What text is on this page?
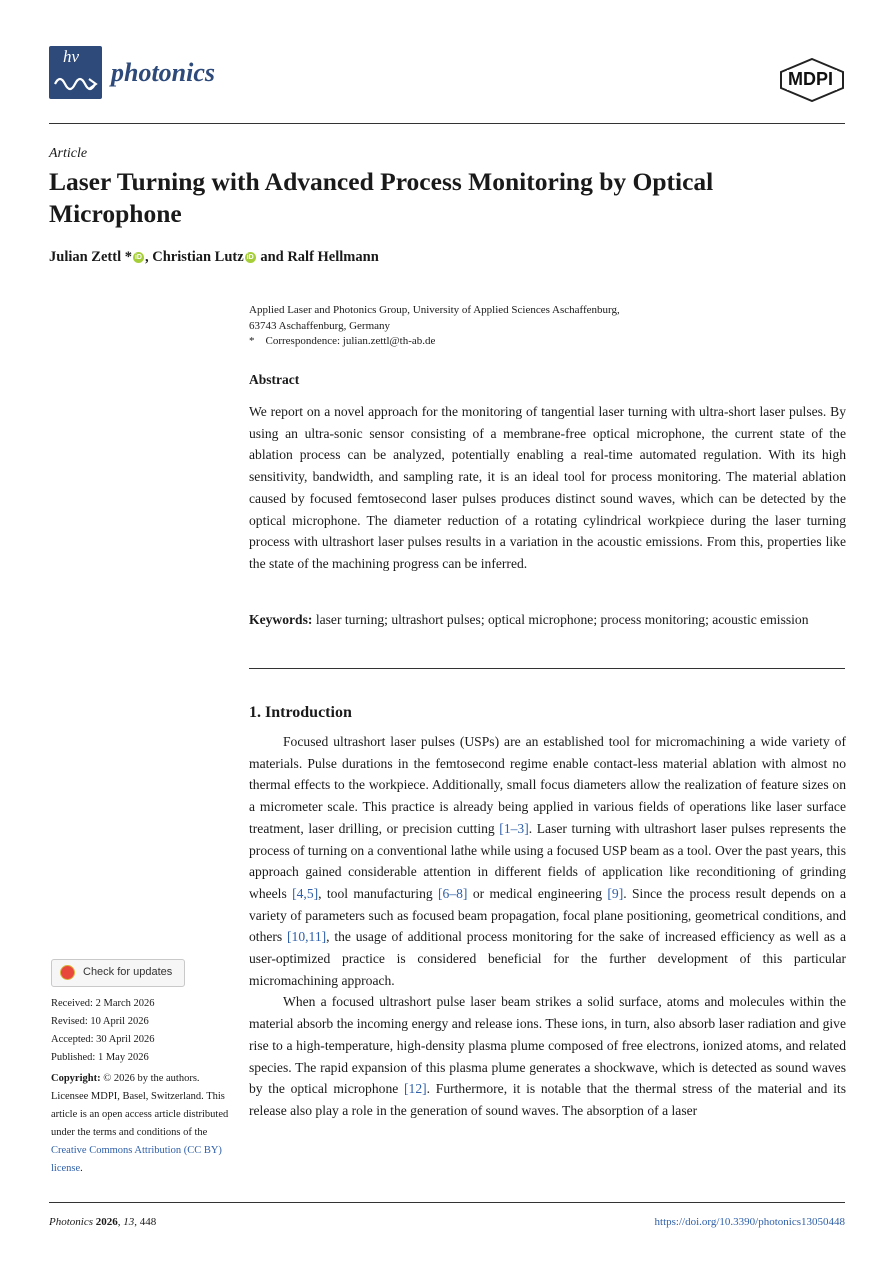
hv
photonics	MDPI
Article
Laser Turning with Advanced Process Monitoring by Optical Microphone
Julian Zettl * iD , Christian Lutz iD and Ralf Hellmann
Applied Laser and Photonics Group, University of Applied Sciences Aschaffenburg,
63743 Aschaffenburg, Germany
* Correspondence: julian.zettl@th-ab.de
Abstract
We report on a novel approach for the monitoring of tangential laser turning with ultra-short laser pulses. By using an ultra-sonic sensor consisting of a membrane-free optical microphone, the current state of the ablation process can be analyzed, potentially enabling a real-time automated regulation. With its high sensitivity, bandwidth, and sampling rate, it is an ideal tool for process monitoring. The material ablation caused by focused femtosecond laser pulses produces distinct sound waves, which can be detected by the optical microphone. The diameter reduction of a rotating cylindrical workpiece during the laser turning process with ultrashort laser pulses results in a variation in the acoustic emissions. From this, properties like the state of the machining progress can be inferred.
Keywords: laser turning; ultrashort pulses; optical microphone; process monitoring; acoustic emission
1. Introduction

Focused ultrashort laser pulses (USPs) are an established tool for micromachining a wide variety of materials. Pulse durations in the femtosecond regime enable contact-less material ablation with almost no thermal effects to the workpiece. Additionally, small focus diameters allow the realization of feature sizes on a micrometer scale. This practice is already being applied in various fields of operations like laser surface treatment, laser drilling, or precision cutting [1–3]. Laser turning with ultrashort laser pulses represents the process of turning on a conventional lathe while using a focused USP beam as a tool. Over the past years, this approach gained considerable attention in different fields of application like reconditioning of grinding wheels [4,5], tool manufacturing [6–8] or medical engineering [9]. Since the process result depends on a variety of parameters such as focused beam propagation, focal plane positioning, geometrical conditions, and others [10,11], the usage of additional process monitoring for the sake of increased efficiency as well as a user-optimized practice is considered beneficial for the further development of this particular micromachining approach.

When a focused ultrashort pulse laser beam strikes a solid surface, atoms and molecules within the material absorb the incoming energy and release ions. These ions, in turn, also absorb laser radiation and give rise to a high-temperature, high-density plasma plume composed of free electrons, ionized atoms, and related species. The rapid expansion of this plasma plume generates a shockwave, which is detected as sound waves by the optical microphone [12]. Furthermore, it is notable that the thermal stress of the material and its release also play a role in the generation of sound waves. The absorption of a laser

Check for updates
Received: 2 March 2026
Revised: 10 April 2026
Accepted: 30 April 2026
Published: 1 May 2026
Copyright: © 2026 by the authors. Licensee MDPI, Basel, Switzerland. This article is an open access article distributed under the terms and conditions of the Creative Commons Attribution (CC BY) license.
Photonics 2026, 13, 448	https://doi.org/10.3390/photonics13050448
